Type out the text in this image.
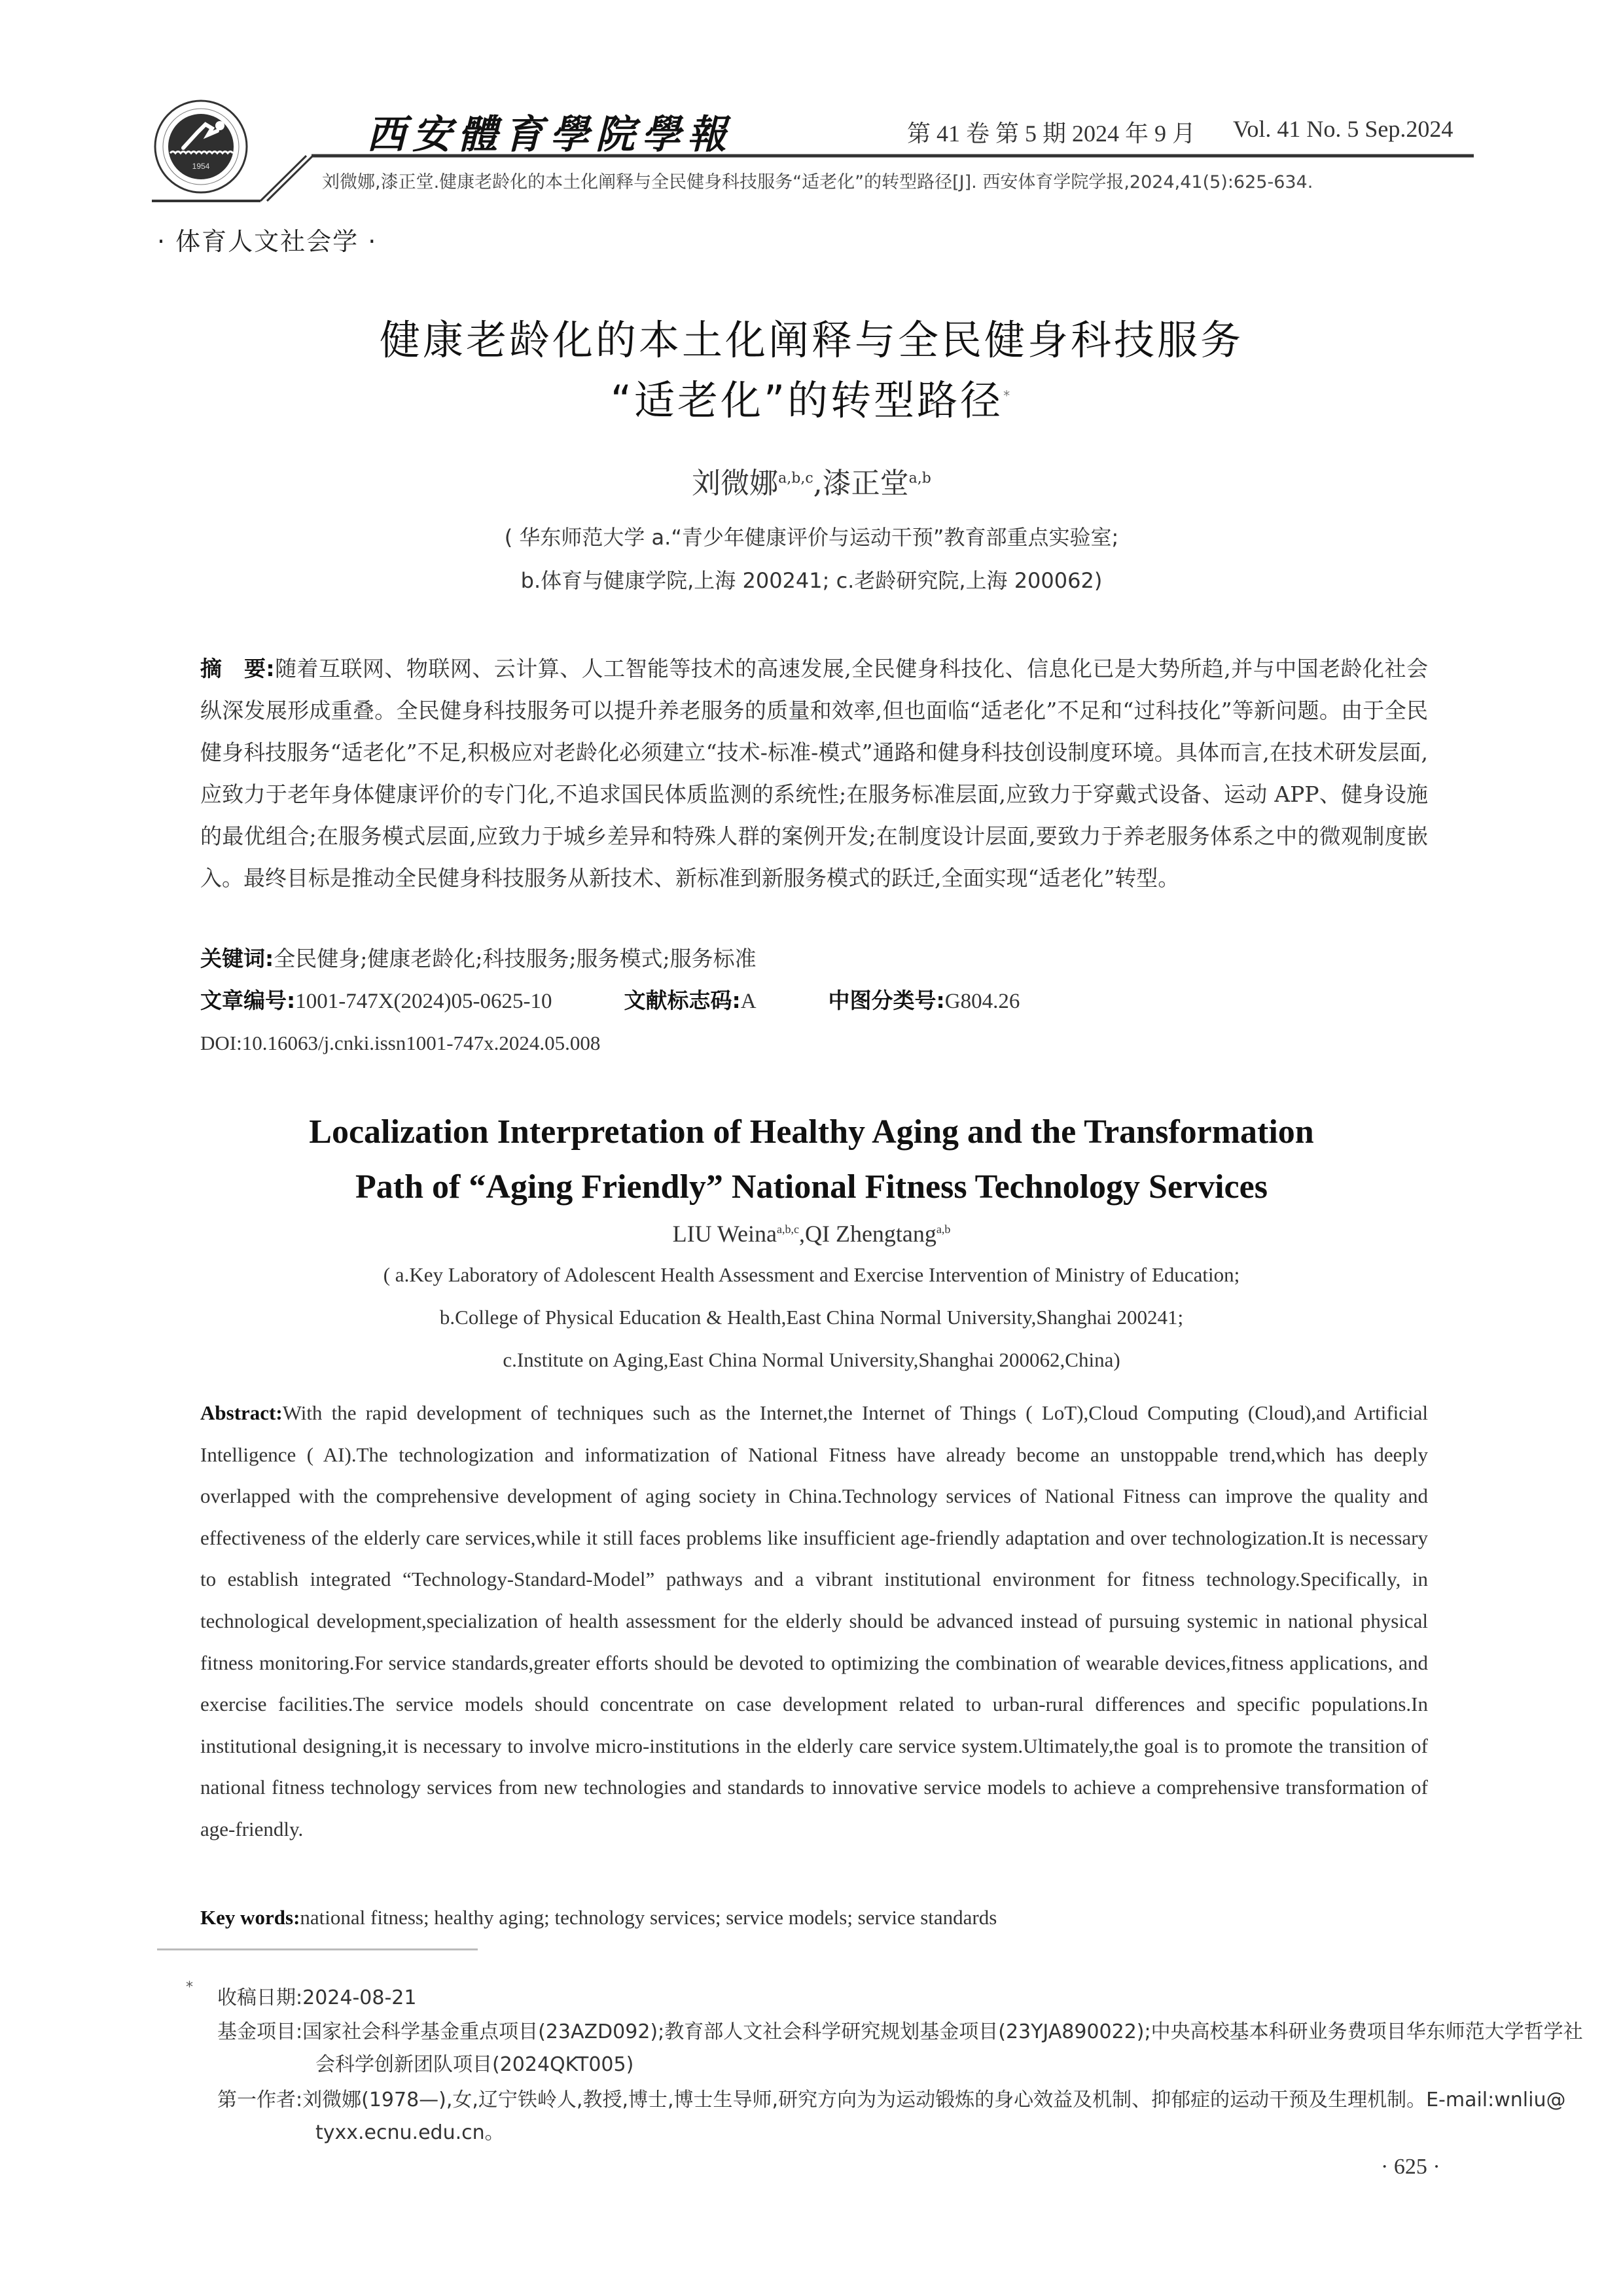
1954
西安體育學院學報	第 41 卷 第 5 期 2024 年 9 月 Vol. 41 No. 5 Sep.2024
刘微娜,漆正堂.健康老龄化的本土化阐释与全民健身科技服务“适老化”的转型路径[J]. 西安体育学院学报,2024,41(5):625-634.
· 体育人文社会学 ·
健康老龄化的本土化阐释与全民健身科技服务
“适老化”的转型路径*
刘微娜$^{a,b,c}$,漆正堂$^{a,b}$
( 华东师范大学 a.“青少年健康评价与运动干预”教育部重点实验室;
b.体育与健康学院,上海 200241; c.老龄研究院,上海 200062)
摘　要:随着互联网、物联网、云计算、人工智能等技术的高速发展,全民健身科技化、信息化已是大势所趋,并与中国老龄化社会纵深发展形成重叠。全民健身科技服务可以提升养老服务的质量和效率,但也面临“适老化”不足和“过科技化”等新问题。由于全民健身科技服务“适老化”不足,积极应对老龄化必须建立“技术-标准-模式”通路和健身科技创设制度环境。具体而言,在技术研发层面,应致力于老年身体健康评价的专门化,不追求国民体质监测的系统性;在服务标准层面,应致力于穿戴式设备、运动 APP、健身设施的最优组合;在服务模式层面,应致力于城乡差异和特殊人群的案例开发;在制度设计层面,要致力于养老服务体系之中的微观制度嵌入。最终目标是推动全民健身科技服务从新技术、新标准到新服务模式的跃迁,全面实现“适老化”转型。
关键词:全民健身;健康老龄化;科技服务;服务模式;服务标准
文章编号:1001-747X(2024)05-0625-10	文献标志码:A	中图分类号:G804.26
DOI:10.16063/j.cnki.issn1001-747x.2024.05.008
Localization Interpretation of Healthy Aging and the Transformation
Path of “Aging Friendly” National Fitness Technology Services
LIU Weina$^{a,b,c}$,QI Zhengtang$^{a,b}$
( a.Key Laboratory of Adolescent Health Assessment and Exercise Intervention of Ministry of Education;
b.College of Physical Education & Health,East China Normal University,Shanghai 200241;
c.Institute on Aging,East China Normal University,Shanghai 200062,China)
Abstract:With the rapid development of techniques such as the Internet,the Internet of Things ( LoT),Cloud Computing (Cloud),and Artificial Intelligence ( AI).The technologization and informatization of National Fitness have already become an unstoppable trend,which has deeply overlapped with the comprehensive development of aging society in China.Technology services of National Fitness can improve the quality and effectiveness of the elderly care services,while it still faces problems like insufficient age-friendly adaptation and over technologization.It is necessary to establish integrated “Technology-Standard-Model” pathways and a vibrant institutional environment for fitness technology.Specifically, in technological development,specialization of health assessment for the elderly should be advanced instead of pursuing systemic in national physical fitness monitoring.For service standards,greater efforts should be devoted to optimizing the combination of wearable devices,fitness applications, and exercise facilities.The service models should concentrate on case development related to urban-rural differences and specific populations.In institutional designing,it is necessary to involve micro-institutions in the elderly care service system.Ultimately,the goal is to promote the transition of national fitness technology services from new technologies and standards to innovative service models to achieve a comprehensive transformation of age-friendly.
Key words:national fitness; healthy aging; technology services; service models; service standards
* 收稿日期:2024-08-21
基金项目:国家社会科学基金重点项目(23AZD092);教育部人文社会科学研究规划基金项目(23YJA890022);中央高校基本科研业务费项目华东师范大学哲学社会科学创新团队项目(2024QKT005)
第一作者:刘微娜(1978—),女,辽宁铁岭人,教授,博士,博士生导师,研究方向为为运动锻炼的身心效益及机制、抑郁症的运动干预及生理机制。E-mail:wnliu@ tyxx.ecnu.edu.cn。
· 625 ·
